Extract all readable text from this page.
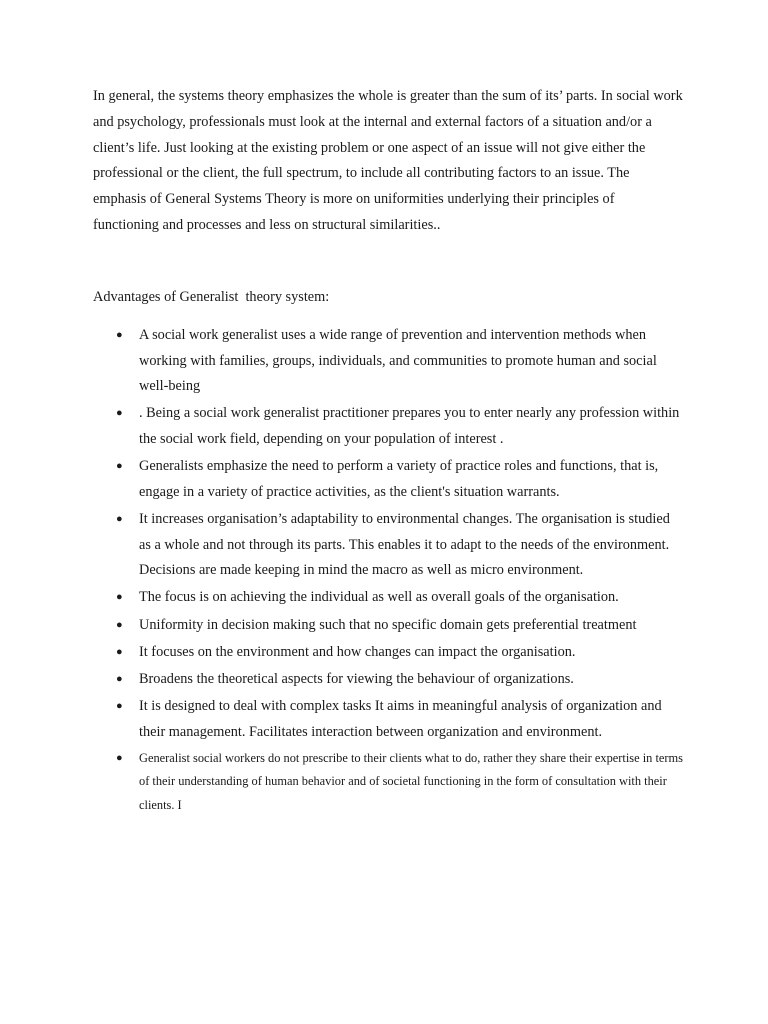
In general, the systems theory emphasizes the whole is greater than the sum of its’ parts. In social work and psychology, professionals must look at the internal and external factors of a situation and/or a client’s life. Just looking at the existing problem or one aspect of an issue will not give either the professional or the client, the full spectrum, to include all contributing factors to an issue. The emphasis of General Systems Theory is more on uniformities underlying their principles of functioning and processes and less on structural similarities..

Advantages of Generalist  theory system:

● A social work generalist uses a wide range of prevention and intervention methods when working with families, groups, individuals, and communities to promote human and social well-being
● . Being a social work generalist practitioner prepares you to enter nearly any profession within the social work field, depending on your population of interest .
● Generalists emphasize the need to perform a variety of practice roles and functions, that is, engage in a variety of practice activities, as the client's situation warrants.
● It increases organisation’s adaptability to environmental changes. The organisation is studied as a whole and not through its parts. This enables it to adapt to the needs of the environment. Decisions are made keeping in mind the macro as well as micro environment.
● The focus is on achieving the individual as well as overall goals of the organisation.
● Uniformity in decision making such that no specific domain gets preferential treatment
● It focuses on the environment and how changes can impact the organisation.
● Broadens the theoretical aspects for viewing the behaviour of organizations.
● It is designed to deal with complex tasks It aims in meaningful analysis of organization and their management. Facilitates interaction between organization and environment.
● Generalist social workers do not prescribe to their clients what to do, rather they share their expertise in terms of their understanding of human behavior and of societal functioning in the form of consultation with their clients. I
